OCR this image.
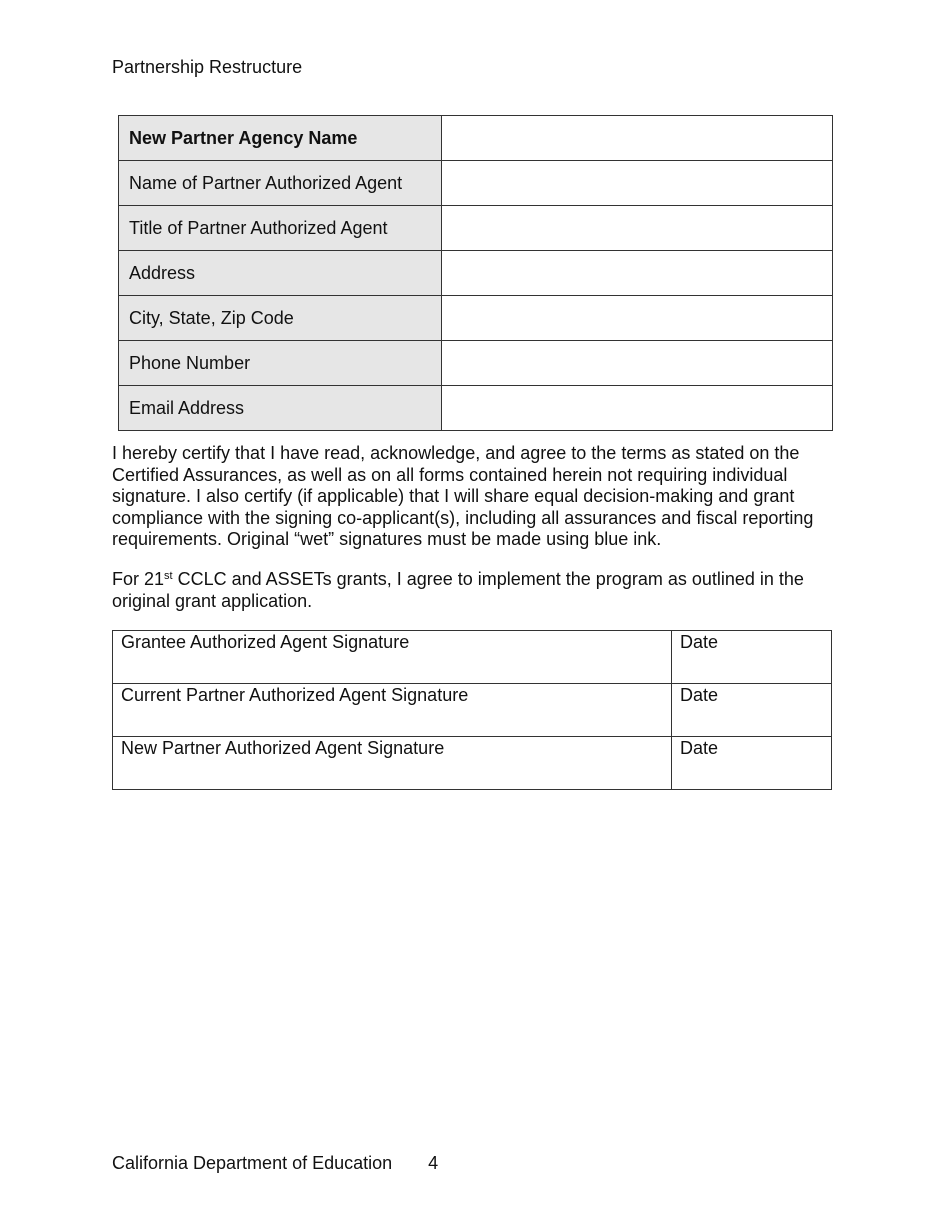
Partnership Restructure
New Partner Agency Name	
Name of Partner Authorized Agent	
Title of Partner Authorized Agent	
Address	
City, State, Zip Code	
Phone Number	
Email Address	

I hereby certify that I have read, acknowledge, and agree to the terms as stated on the Certified Assurances, as well as on all forms contained herein not requiring individual signature. I also certify (if applicable) that I will share equal decision-making and grant compliance with the signing co-applicant(s), including all assurances and fiscal reporting requirements. Original “wet” signatures must be made using blue ink.

For 21st CCLC and ASSETs grants, I agree to implement the program as outlined in the original grant application.

Grantee Authorized Agent Signature	Date

Current Partner Authorized Agent Signature	Date

New Partner Authorized Agent Signature	Date
California Department of Education 4
